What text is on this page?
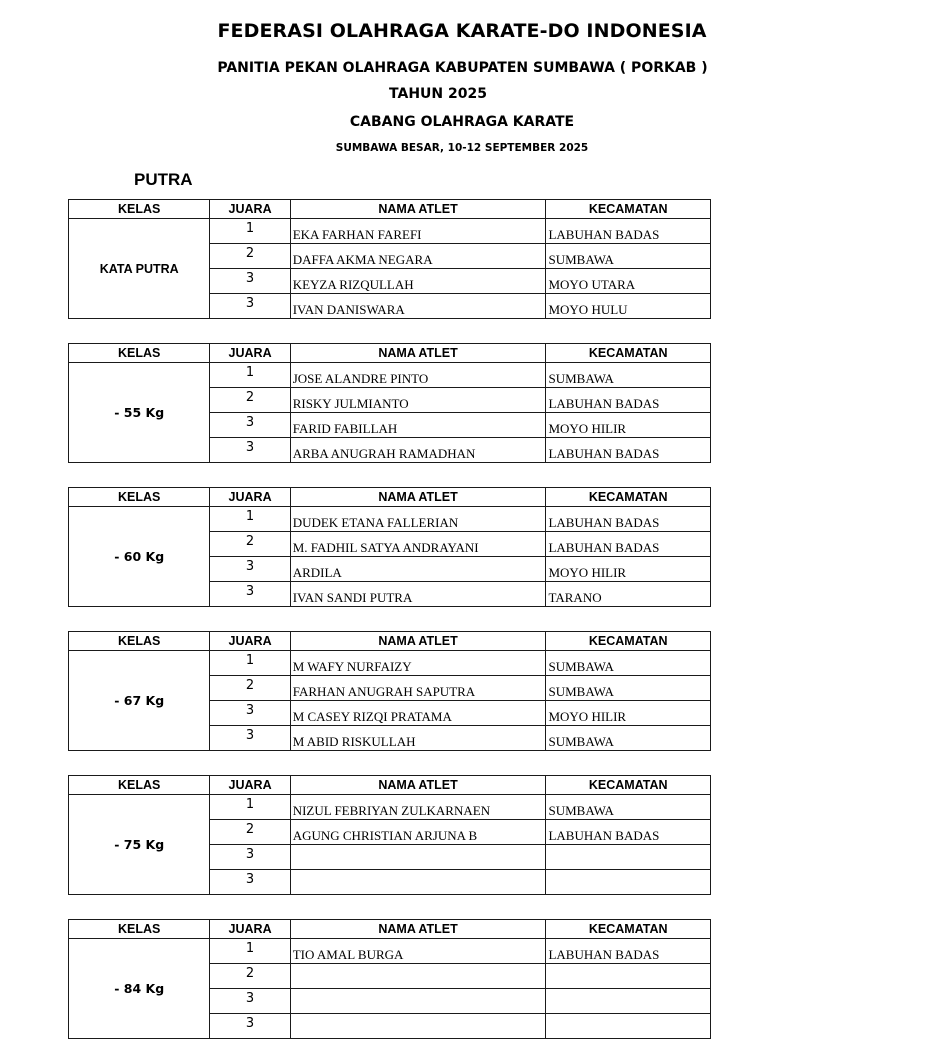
FEDERASI OLAHRAGA KARATE-DO INDONESIA
PANITIA PEKAN OLAHRAGA KABUPATEN SUMBAWA ( PORKAB )
TAHUN 2025
CABANG OLAHRAGA KARATE
SUMBAWA BESAR, 10-12 SEPTEMBER 2025
PUTRA
KELAS	JUARA	NAMA ATLET	KECAMATAN
KATA PUTRA	1	EKA FARHAN FAREFI	LABUHAN BADAS
	2	DAFFA AKMA NEGARA	SUMBAWA
	3	KEYZA RIZQULLAH	MOYO UTARA
	3	IVAN DANISWARA	MOYO HULU
KELAS	JUARA	NAMA ATLET	KECAMATAN
- 55 Kg	1	JOSE ALANDRE PINTO	SUMBAWA
	2	RISKY JULMIANTO	LABUHAN BADAS
	3	FARID FABILLAH	MOYO HILIR
	3	ARBA ANUGRAH RAMADHAN	LABUHAN BADAS
KELAS	JUARA	NAMA ATLET	KECAMATAN
- 60 Kg	1	DUDEK ETANA FALLERIAN	LABUHAN BADAS
	2	M. FADHIL SATYA ANDRAYANI	LABUHAN BADAS
	3	ARDILA	MOYO HILIR
	3	IVAN SANDI PUTRA	TARANO
KELAS	JUARA	NAMA ATLET	KECAMATAN
- 67 Kg	1	M WAFY NURFAIZY	SUMBAWA
	2	FARHAN ANUGRAH SAPUTRA	SUMBAWA
	3	M CASEY RIZQI PRATAMA	MOYO HILIR
	3	M ABID RISKULLAH	SUMBAWA
KELAS	JUARA	NAMA ATLET	KECAMATAN
- 75 Kg	1	NIZUL FEBRIYAN ZULKARNAEN	SUMBAWA
	2	AGUNG CHRISTIAN ARJUNA B	LABUHAN BADAS
	3		
	3		
KELAS	JUARA	NAMA ATLET	KECAMATAN
- 84 Kg	1	TIO AMAL BURGA	LABUHAN BADAS
	2		
	3		
	3		
